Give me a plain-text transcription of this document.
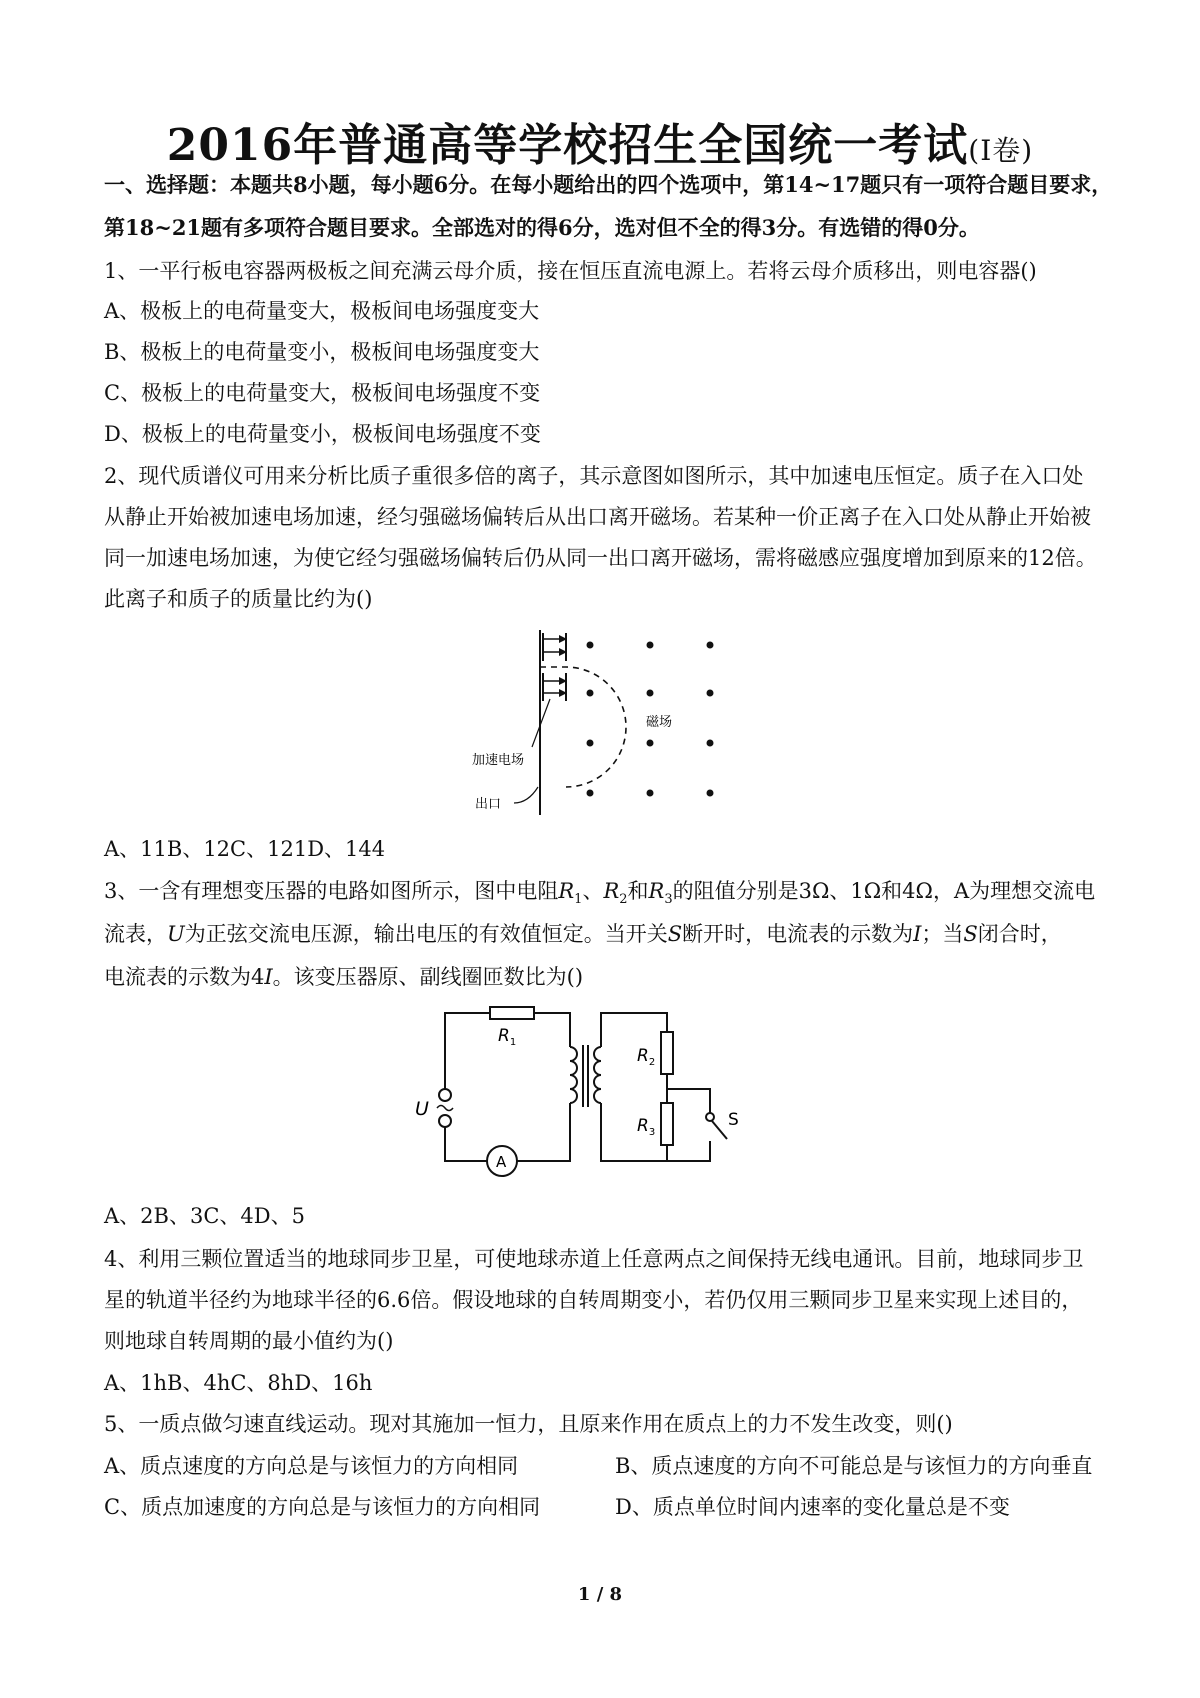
2016年普通高等学校招生全国统一考试(I卷)
一、选择题：本题共8小题，每小题6分。在每小题给出的四个选项中，第14~17题只有一项符合题目要求，
第18~21题有多项符合题目要求。全部选对的得6分，选对但不全的得3分。有选错的得0分。
1、一平行板电容器两极板之间充满云母介质，接在恒压直流电源上。若将云母介质移出，则电容器()
A、极板上的电荷量变大，极板间电场强度变大
B、极板上的电荷量变小，极板间电场强度变大
C、极板上的电荷量变大，极板间电场强度不变
D、极板上的电荷量变小，极板间电场强度不变
2、现代质谱仪可用来分析比质子重很多倍的离子，其示意图如图所示，其中加速电压恒定。质子在入口处
从静止开始被加速电场加速，经匀强磁场偏转后从出口离开磁场。若某种一价正离子在入口处从静止开始被
同一加速电场加速，为使它经匀强磁场偏转后仍从同一出口离开磁场，需将磁感应强度增加到原来的12倍。
此离子和质子的质量比约为()
磁场
加速电场
出口
A、11B、12C、121D、144
3、一含有理想变压器的电路如图所示，图中电阻$R_1$、$R_2$和$R_3$的阻值分别是3Ω、1Ω和4Ω，A为理想交流电
流表，U为正弦交流电压源，输出电压的有效值恒定。当开关S断开时，电流表的示数为I；当S闭合时，
电流表的示数为4I。该变压器原、副线圈匝数比为()
U
$R_1$
$R_2$
$R_3$
A
S
A、2B、3C、4D、5
4、利用三颗位置适当的地球同步卫星，可使地球赤道上任意两点之间保持无线电通讯。目前，地球同步卫
星的轨道半径约为地球半径的6.6倍。假设地球的自转周期变小，若仍仅用三颗同步卫星来实现上述目的，
则地球自转周期的最小值约为()
A、1hB、4hC、8hD、16h
5、一质点做匀速直线运动。现对其施加一恒力，且原来作用在质点上的力不发生改变，则()
A、质点速度的方向总是与该恒力的方向相同	B、质点速度的方向不可能总是与该恒力的方向垂直
C、质点加速度的方向总是与该恒力的方向相同	D、质点单位时间内速率的变化量总是不变
1 / 8
